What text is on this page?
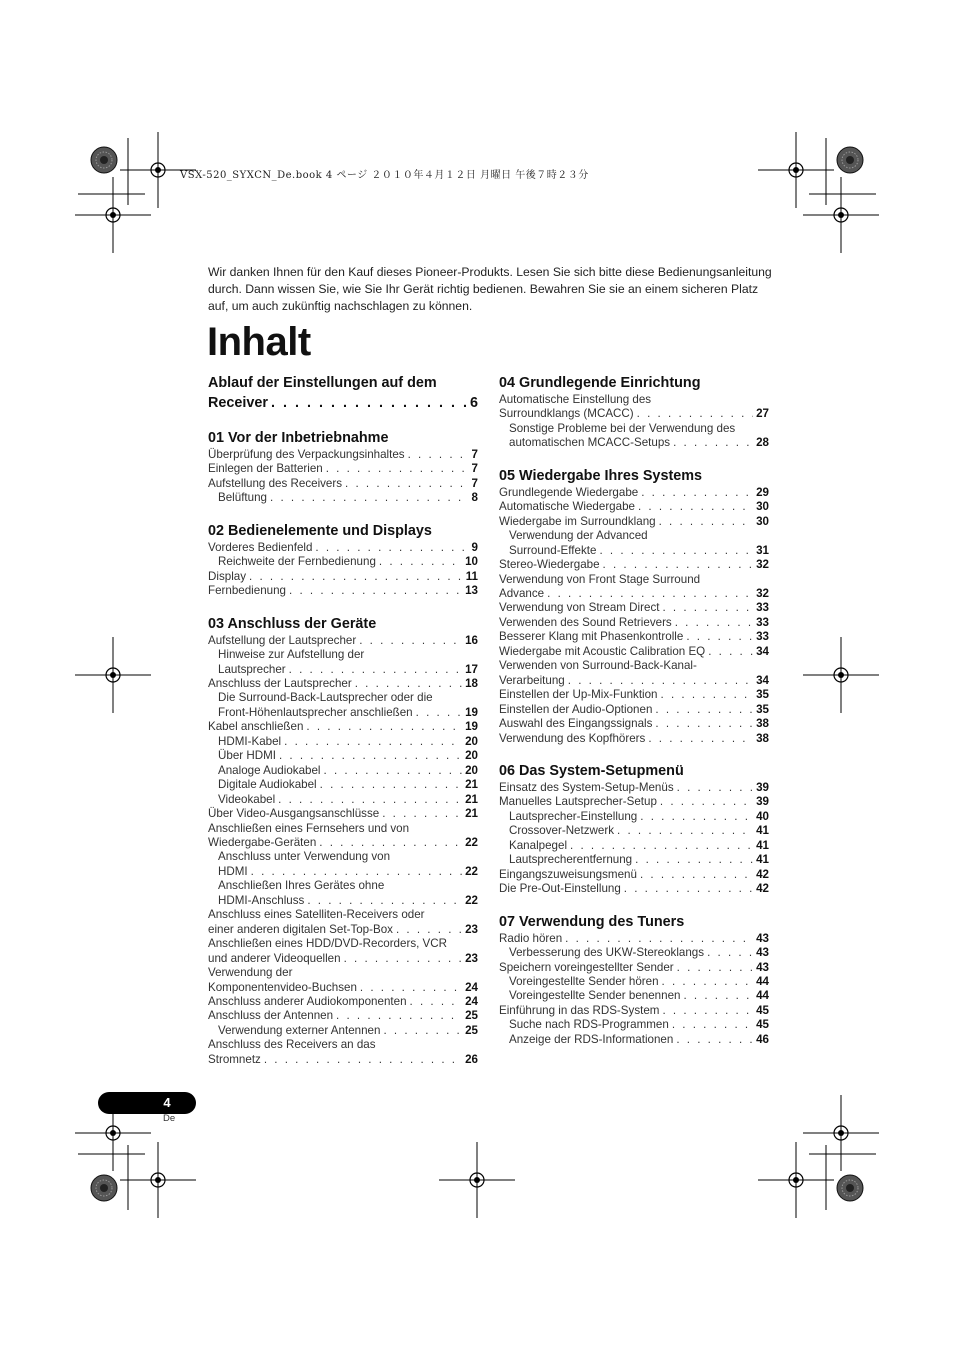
VSX-520_SYXCN_De.book 4 ページ ２０１０年４月１２日 月曜日 午後７時２３分
Wir danken Ihnen für den Kauf dieses Pioneer-Produkts. Lesen Sie sich bitte diese Bedienungsanleitung durch. Dann wissen Sie, wie Sie Ihr Gerät richtig bedienen. Bewahren Sie sie an einem sicheren Platz auf, um auch zukünftig nachschlagen zu können.
Inhalt
Ablauf der Einstellungen auf dem
Receiver . . .	6
01 Vor der Inbetriebnahme
Überprüfung des Verpackungsinhaltes . . .	7
Einlegen der Batterien . . .	7
Aufstellung des Receivers . . .	7
Belüftung . . .	8
02 Bedienelemente und Displays
Vorderes Bedienfeld . . .	9
Reichweite der Fernbedienung . . .	10
Display . . .	11
Fernbedienung . . .	13
03 Anschluss der Geräte
Aufstellung der Lautsprecher . . .	16
Hinweise zur Aufstellung der
Lautsprecher . . .	17
Anschluss der Lautsprecher . . .	18
Die Surround-Back-Lautsprecher oder die
Front-Höhenlautsprecher anschließen . . .	19
Kabel anschließen . . .	19
HDMI-Kabel . . .	20
Über HDMI . . .	20
Analoge Audiokabel . . .	20
Digitale Audiokabel . . .	21
Videokabel . . .	21
Über Video-Ausgangsanschlüsse . . .	21
Anschließen eines Fernsehers und von
Wiedergabe-Geräten . . .	22
Anschluss unter Verwendung von
HDMI . . .	22
Anschließen Ihres Gerätes ohne
HDMI-Anschluss . . .	22
Anschluss eines Satelliten-Receivers oder
einer anderen digitalen Set-Top-Box . . .	23
Anschließen eines HDD/DVD-Recorders, VCR
und anderer Videoquellen . . .	23
Verwendung der
Komponentenvideo-Buchsen . . .	24
Anschluss anderer Audiokomponenten . . .	24
Anschluss der Antennen . . .	25
Verwendung externer Antennen . . .	25
Anschluss des Receivers an das
Stromnetz . . .	26
04 Grundlegende Einrichtung
Automatische Einstellung des
Surroundklangs (MCACC) . . .	27
Sonstige Probleme bei der Verwendung des
automatischen MCACC-Setups . . .	28
05 Wiedergabe Ihres Systems
Grundlegende Wiedergabe . . .	29
Automatische Wiedergabe . . .	30
Wiedergabe im Surroundklang . . .	30
Verwendung der Advanced
Surround-Effekte . . .	31
Stereo-Wiedergabe . . .	32
Verwendung von Front Stage Surround
Advance . . .	32
Verwendung von Stream Direct . . .	33
Verwenden des Sound Retrievers . . .	33
Besserer Klang mit Phasenkontrolle . . .	33
Wiedergabe mit Acoustic Calibration EQ . . .	34
Verwenden von Surround-Back-Kanal-
Verarbeitung . . .	34
Einstellen der Up-Mix-Funktion . . .	35
Einstellen der Audio-Optionen . . .	35
Auswahl des Eingangssignals . . .	38
Verwendung des Kopfhörers . . .	38
06 Das System-Setupmenü
Einsatz des System-Setup-Menüs . . .	39
Manuelles Lautsprecher-Setup . . .	39
Lautsprecher-Einstellung . . .	40
Crossover-Netzwerk . . .	41
Kanalpegel . . .	41
Lautsprecherentfernung . . .	41
Eingangszuweisungsmenü . . .	42
Die Pre-Out-Einstellung . . .	42
07 Verwendung des Tuners
Radio hören . . .	43
Verbesserung des UKW-Stereoklangs . . .	43
Speichern voreingestellter Sender . . .	43
Voreingestellte Sender hören . . .	44
Voreingestellte Sender benennen . . .	44
Einführung in das RDS-System . . .	45
Suche nach RDS-Programmen . . .	45
Anzeige der RDS-Informationen . . .	46
4
De
